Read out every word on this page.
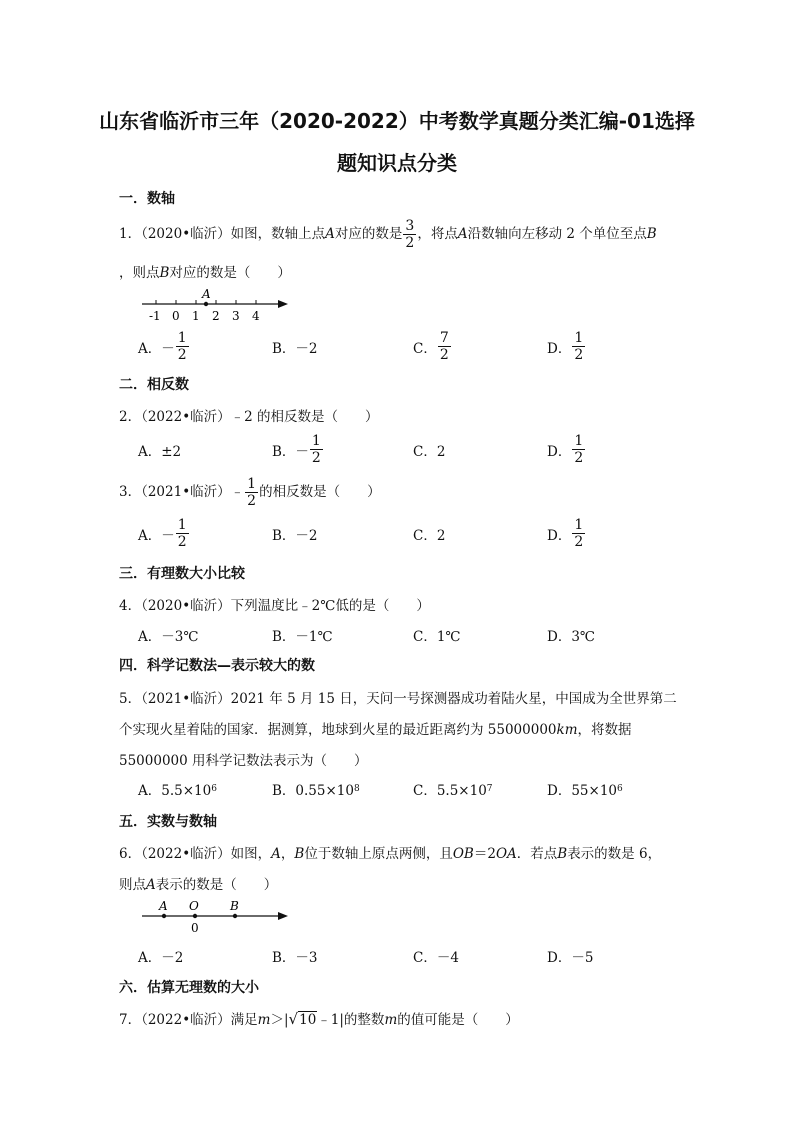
山东省临沂市三年（2020-2022）中考数学真题分类汇编-01选择
题知识点分类
一．数轴
1．（2020•临沂）如图，数轴上点A对应的数是 $\frac{3}{2}$ ，将点A沿数轴向左移动 2 个单位至点B
，则点B对应的数是（　　）
A
-1 0 1 2 3 4
A． － $\frac{1}{2}$	B．－2	C． $\frac{7}{2}$	D． $\frac{1}{2}$
二．相反数
2．（2022•临沂）﹣2 的相反数是（　　）
A．±2	B． － $\frac{1}{2}$	C．2	D． $\frac{1}{2}$
3．（2021•临沂）﹣ $\frac{1}{2}$ 的相反数是（　　）
A． － $\frac{1}{2}$	B．－2	C．2	D． $\frac{1}{2}$
三．有理数大小比较
4．（2020•临沂）下列温度比﹣2℃低的是（　　）
A．－3℃	B．－1℃	C．1℃	D．3℃
四．科学记数法—表示较大的数
5．（2021•临沂）2021 年 5 月 15 日，天问一号探测器成功着陆火星，中国成为全世界第二
个实现火星着陆的国家．据测算，地球到火星的最近距离约为 55000000km，将数据
55000000 用科学记数法表示为（　　）
A．5.5×10 6	B．0.55×10 8	C．5.5×10 7	D．55×10 6
五．实数与数轴
6．（2022•临沂）如图，A，B位于数轴上原点两侧，且OB＝2OA．若点B表示的数是 6，
则点A表示的数是（　　）
A O	B
0
A．－2	B．－3	C．－4	D．－5
六．估算无理数的大小
7．（2022•临沂）满足m＞|√10﹣1|的整数m的值可能是（　　）
